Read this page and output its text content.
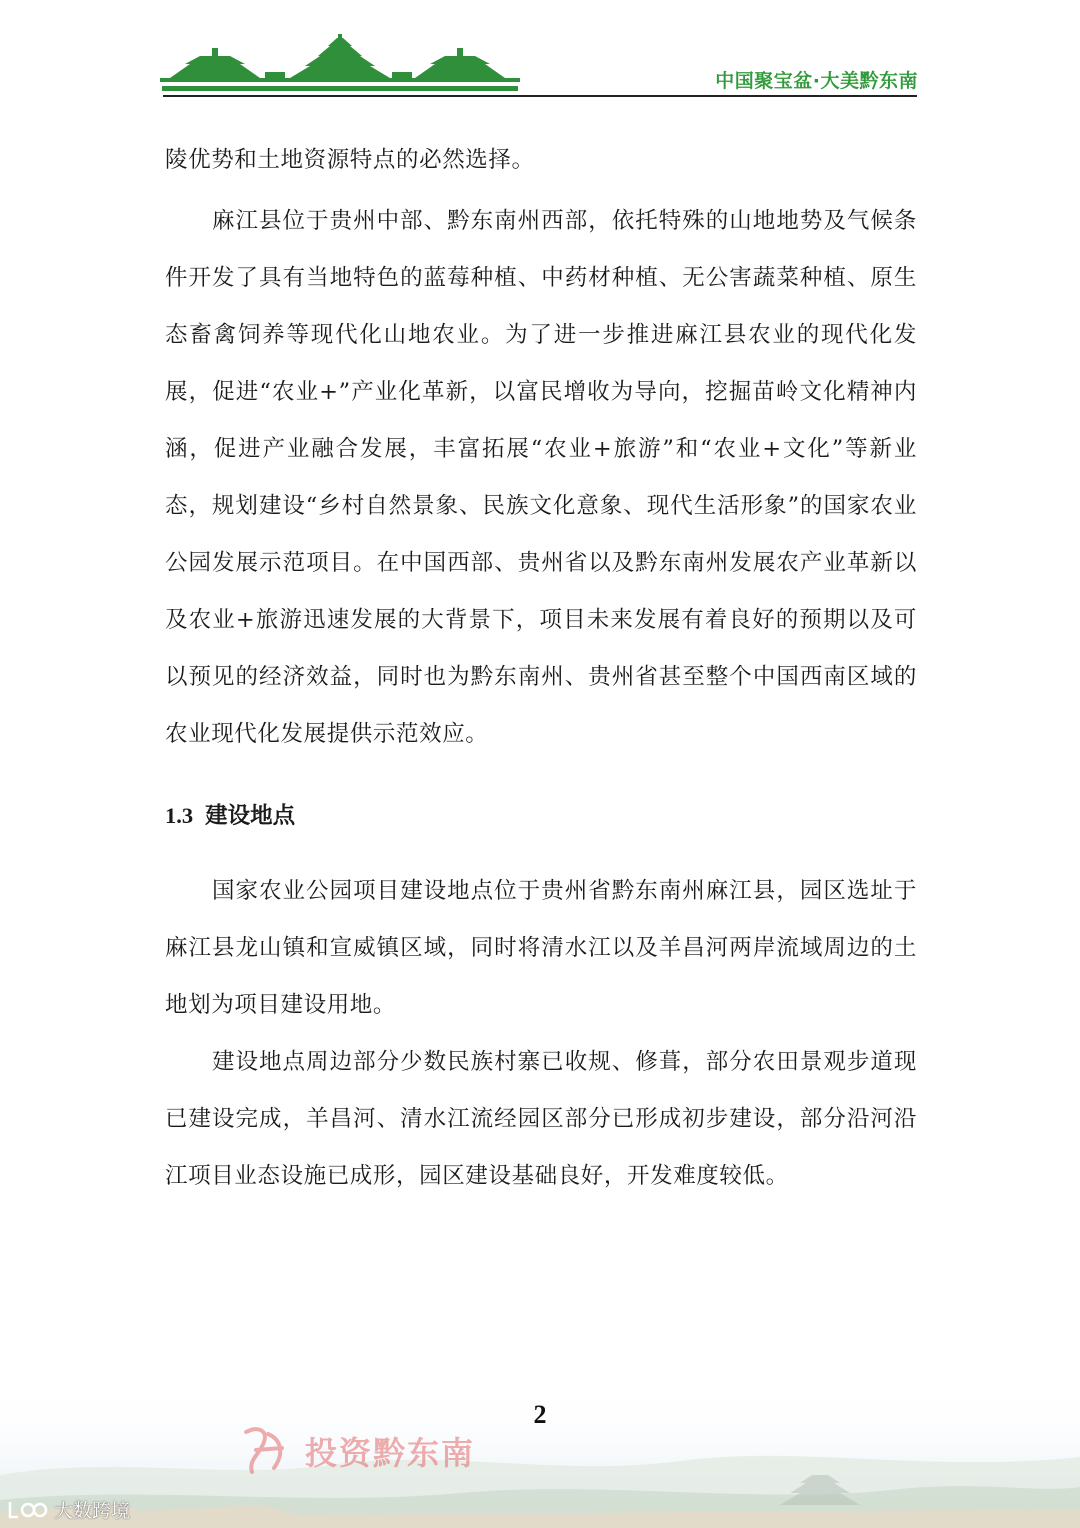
中国聚宝盆·大美黔东南

陵优势和土地资源特点的必然选择。

麻江县位于贵州中部、黔东南州西部，依托特殊的山地地势及气候条件开发了具有当地特色的蓝莓种植、中药材种植、无公害蔬菜种植、原生态畜禽饲养等现代化山地农业。为了进一步推进麻江县农业的现代化发展，促进“农业+”产业化革新，以富民增收为导向，挖掘苗岭文化精神内涵，促进产业融合发展，丰富拓展“农业+旅游”和“农业+文化”等新业态，规划建设“乡村自然景象、民族文化意象、现代生活形象”的国家农业公园发展示范项目。在中国西部、贵州省以及黔东南州发展农产业革新以及农业+旅游迅速发展的大背景下，项目未来发展有着良好的预期以及可以预见的经济效益，同时也为黔东南州、贵州省甚至整个中国西南区域的农业现代化发展提供示范效应。

1.3 建设地点

国家农业公园项目建设地点位于贵州省黔东南州麻江县，园区选址于麻江县龙山镇和宣威镇区域，同时将清水江以及羊昌河两岸流域周边的土地划为项目建设用地。

建设地点周边部分少数民族村寨已收规、修葺，部分农田景观步道现已建设完成，羊昌河、清水江流经园区部分已形成初步建设，部分沿河沿江项目业态设施已成形，园区建设基础良好，开发难度较低。

2
投资黔东南
大数跨境
